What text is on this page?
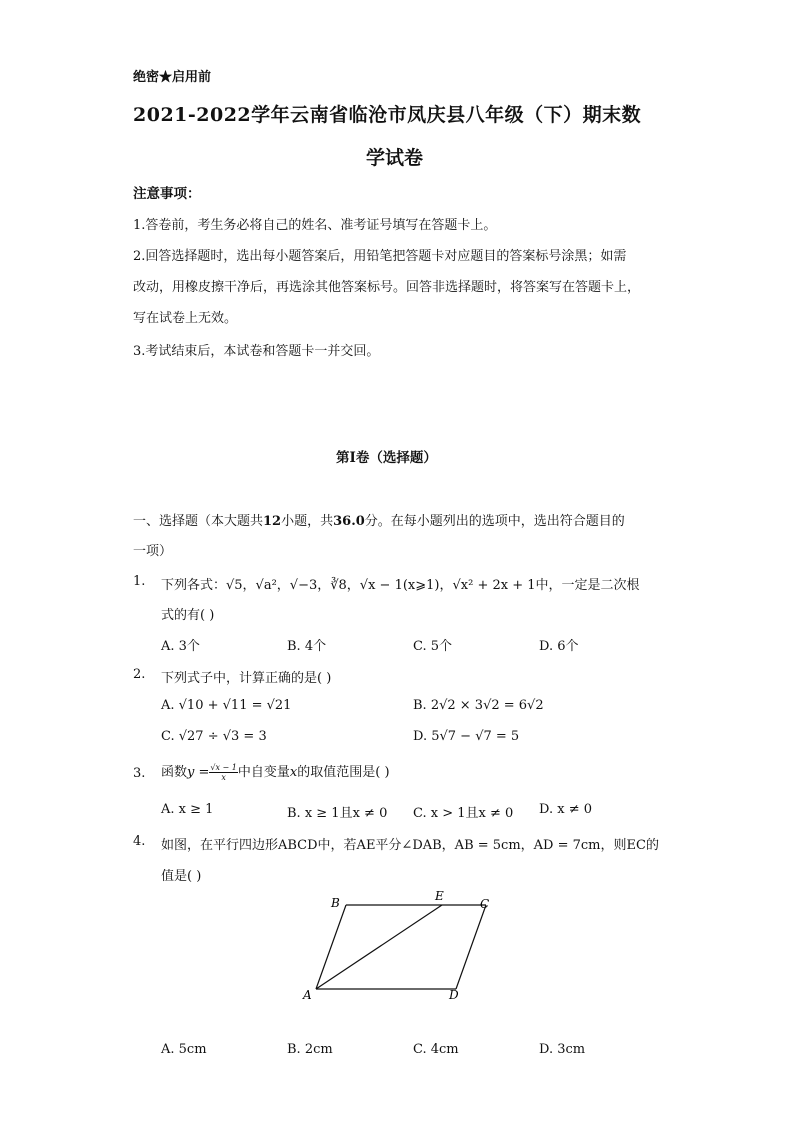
绝密★启用前
2021-2022学年云南省临沧市凤庆县八年级（下）期末数
学试卷
注意事项：
1.答卷前，考生务必将自己的姓名、准考证号填写在答题卡上。
2.回答选择题时，选出每小题答案后，用铅笔把答题卡对应题目的答案标号涂黑；如需
改动，用橡皮擦干净后，再选涂其他答案标号。回答非选择题时，将答案写在答题卡上，
写在试卷上无效。
3.考试结束后，本试卷和答题卡一并交回。
第I卷（选择题）
一、选择题（本大题共12小题，共36.0分。在每小题列出的选项中，选出符合题目的
一项）
1. 下列各式：√5，√a²，√−3，∛8，√x − 1(x⩾1)，√x² + 2x + 1中，一定是二次根
式的有( )
A. 3个	B. 4个	C. 5个	D. 6个
2. 下列式子中，计算正确的是( )
A. √10 + √11 = √21	B. 2√2 × 3√2 = 6√2
C. √27 ÷ √3 = 3	D. 5√7 − √7 = 5
3. 函数$y = \frac{√x - 1}{x}$ 中自变量x的取值范围是( )
A. x ≥ 1	B. x ≥ 1且x ≠ 0 C. x > 1且x ≠ 0 D. x ≠ 0
4. 如图，在平行四边形ABCD中，若AE平分∠DAB，AB = 5cm，AD = 7cm，则EC的
值是( )
B	E
C
A	D
A. 5cm	B. 2cm	C. 4cm	D. 3cm
